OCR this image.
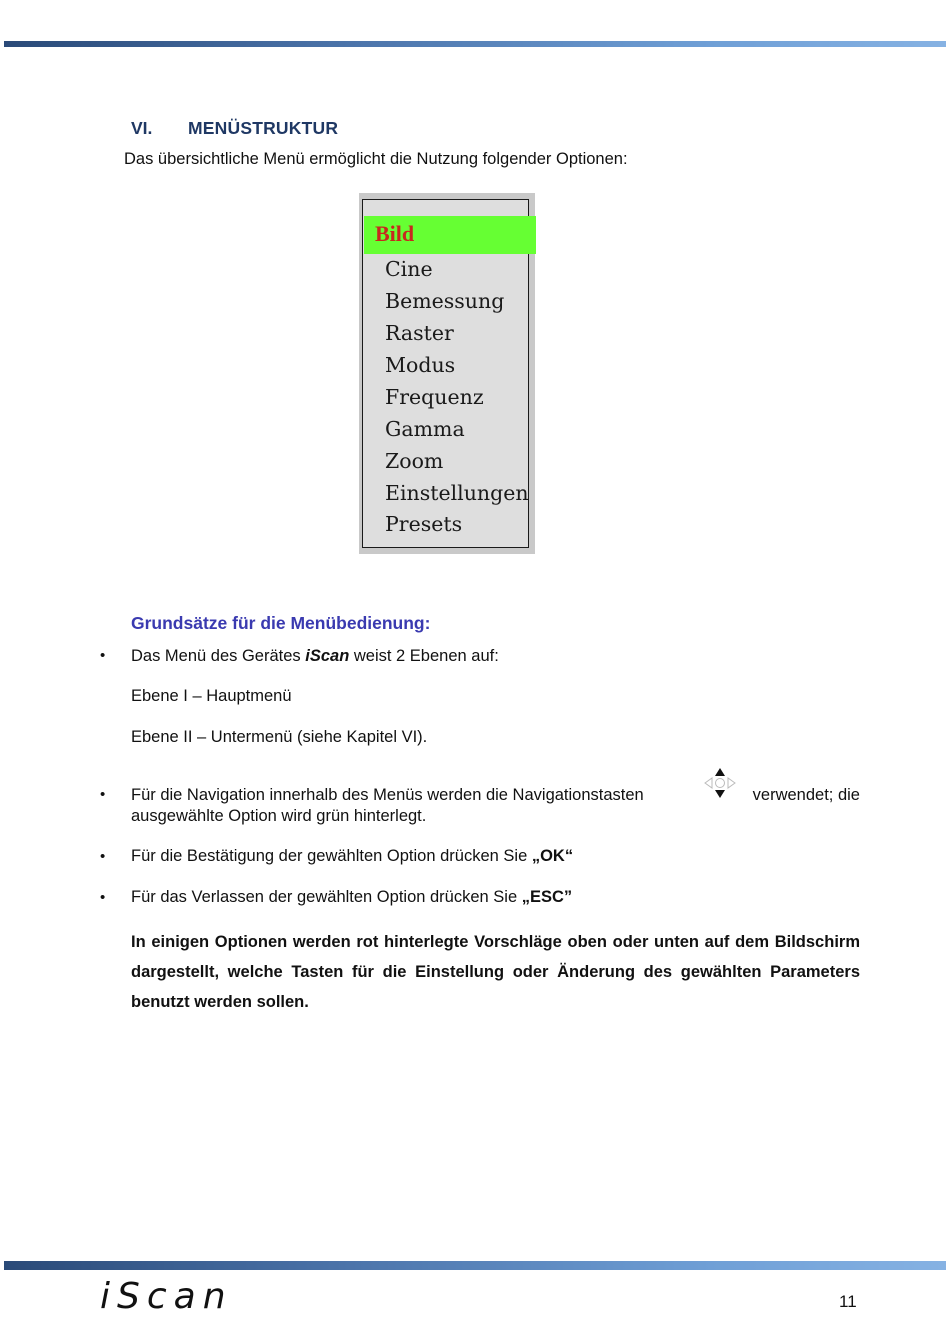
VI. MENÜSTRUKTUR
Das übersichtliche Menü ermöglicht die Nutzung folgender Optionen:
Bild
Cine
Bemessung
Raster
Modus
Frequenz
Gamma
Zoom
Einstellungen
Presets
Grundsätze für die Menübedienung:
• Das Menü des Gerätes iScan weist 2 Ebenen auf:
Ebene I – Hauptmenü
Ebene II – Untermenü (siehe Kapitel VI).
•	verwendet; die
Für die Navigation innerhalb des Menüs werden die Navigationstasten
ausgewählte Option wird grün hinterlegt.
• Für die Bestätigung der gewählten Option drücken Sie „OK“
• Für das Verlassen der gewählten Option drücken Sie „ESC”
In einigen Optionen werden rot hinterlegte Vorschläge oben oder unten auf dem Bildschirm dargestellt, welche Tasten für die Einstellung oder Änderung des gewählten Parameters benutzt werden sollen.
iScan	11
